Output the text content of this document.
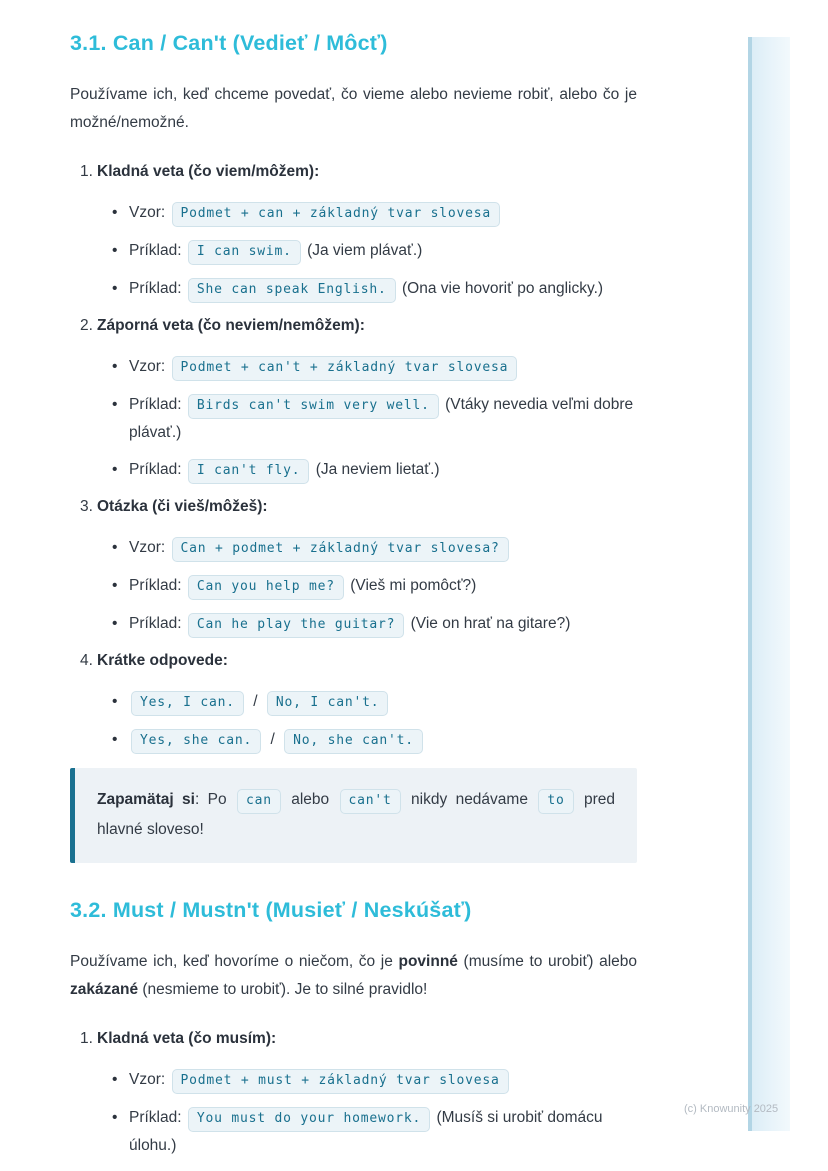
3.1. Can / Can't (Vedieť / Môcť)

Používame ich, keď chceme povedať, čo vieme alebo nevieme robiť, alebo čo je možné/nemožné.

1. Kladná veta (čo viem/môžem):
• Vzor: Podmet + can + základný tvar slovesa
• Príklad: I can swim. (Ja viem plávať.)
• Príklad: She can speak English. (Ona vie hovoriť po anglicky.)
2. Záporná veta (čo neviem/nemôžem):
• Vzor: Podmet + can't + základný tvar slovesa
• Príklad: Birds can't swim very well. (Vtáky nevedia veľmi dobre plávať.)
• Príklad: I can't fly. (Ja neviem lietať.)
3. Otázka (či vieš/môžeš):
• Vzor: Can + podmet + základný tvar slovesa?
• Príklad: Can you help me? (Vieš mi pomôcť?)
• Príklad: Can he play the guitar? (Vie on hrať na gitare?)
4. Krátke odpovede:
• Yes, I can. / No, I can't.
• Yes, she can. / No, she can't.
Zapamätaj si: Po can alebo can't nikdy nedávame to pred hlavné sloveso!
3.2. Must / Mustn't (Musieť / Neskúšať)

Používame ich, keď hovoríme o niečom, čo je povinné (musíme to urobiť) alebo zakázané (nesmieme to urobiť). Je to silné pravidlo!

1. Kladná veta (čo musím):
• Vzor: Podmet + must + základný tvar slovesa
• Príklad: You must do your homework. (Musíš si urobiť domácu úlohu.)
(c) Knowunity 2025
